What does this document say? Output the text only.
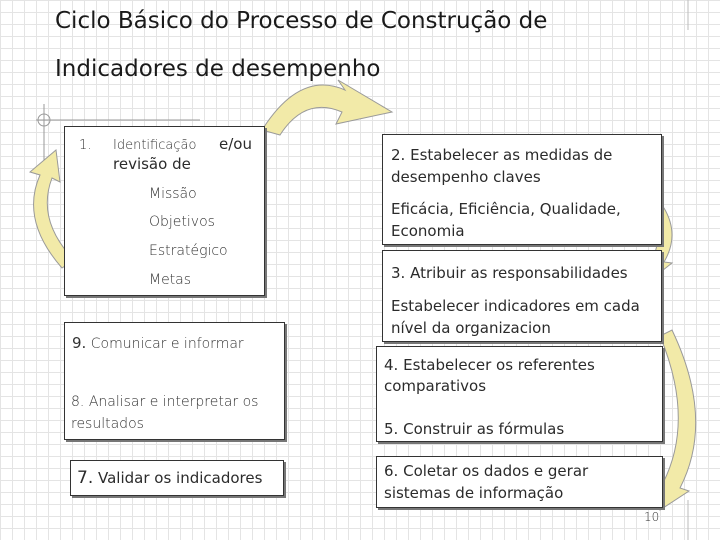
Ciclo Básico do Processo de Construção de
Indicadores de desempenho
1. Identificação e/ou
revisão de
Missão
Objetivos
Estratégico
Metas
2. Estabelecer as medidas de
desempenho claves
Eficácia, Eficiência, Qualidade,
Economia
3. Atribuir as responsabilidades
Estabelecer indicadores em cada
nível da organizacion
4. Estabelecer os referentes
comparativos
5. Construir as fórmulas
6. Coletar os dados e gerar
sistemas de informação
9. Comunicar e informar
8. Analisar e interpretar os
resultados
7. Validar os indicadores
10
